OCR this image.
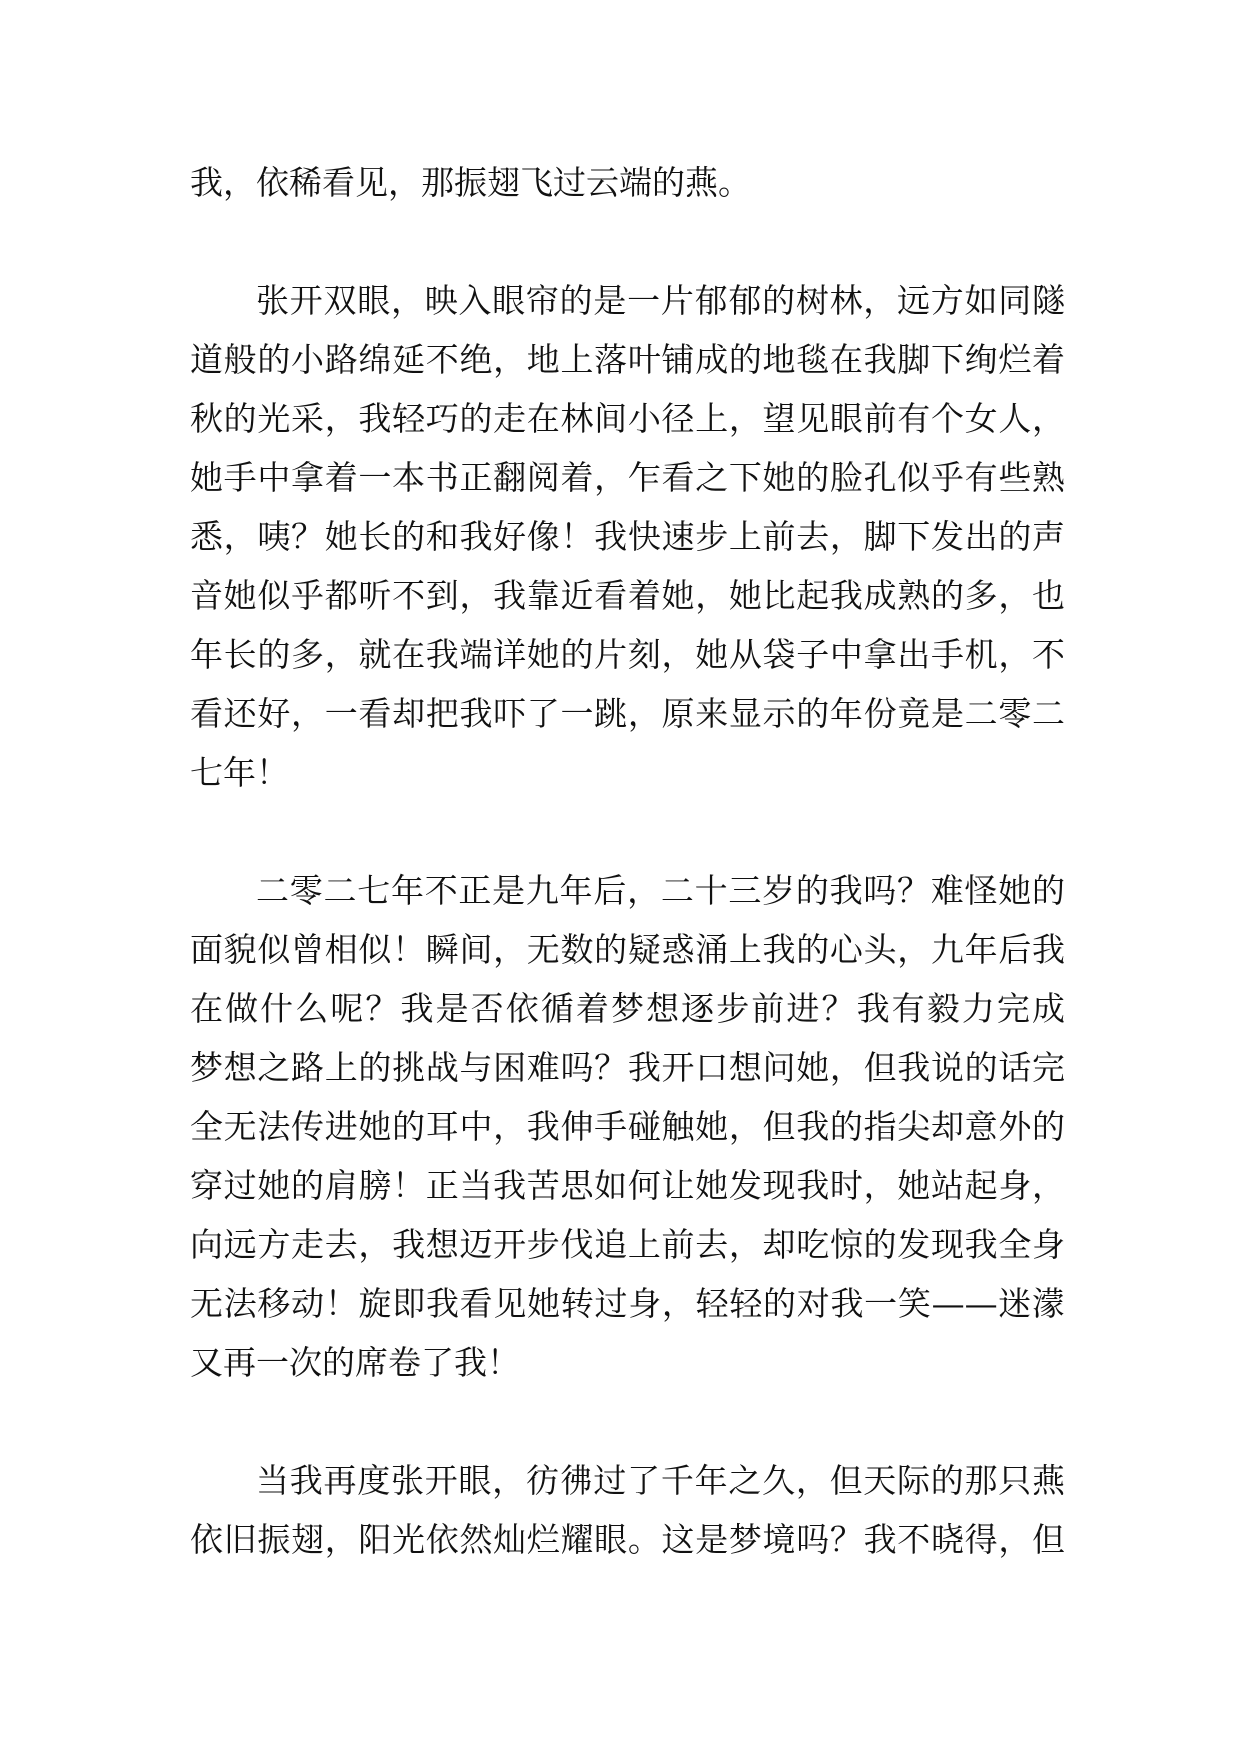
我，依稀看见，那振翅飞过云端的燕。
张开双眼，映入眼帘的是一片郁郁的树林，远方如同隧
道般的小路绵延不绝，地上落叶铺成的地毯在我脚下绚烂着
秋的光采，我轻巧的走在林间小径上，望见眼前有个女人，
她手中拿着一本书正翻阅着，乍看之下她的脸孔似乎有些熟
悉，咦？她长的和我好像！我快速步上前去，脚下发出的声
音她似乎都听不到，我靠近看着她，她比起我成熟的多，也
年长的多，就在我端详她的片刻，她从袋子中拿出手机，不
看还好，一看却把我吓了一跳，原来显示的年份竟是二零二
七年！
二零二七年不正是九年后，二十三岁的我吗？难怪她的
面貌似曾相似！瞬间，无数的疑惑涌上我的心头，九年后我
在做什么呢？我是否依循着梦想逐步前进？我有毅力完成
梦想之路上的挑战与困难吗？我开口想问她，但我说的话完
全无法传进她的耳中，我伸手碰触她，但我的指尖却意外的
穿过她的肩膀！正当我苦思如何让她发现我时，她站起身，
向远方走去，我想迈开步伐追上前去，却吃惊的发现我全身
无法移动！旋即我看见她转过身，轻轻的对我一笑——迷濛
又再一次的席卷了我！
当我再度张开眼，彷彿过了千年之久，但天际的那只燕
依旧振翅，阳光依然灿烂耀眼。这是梦境吗？我不晓得，但
